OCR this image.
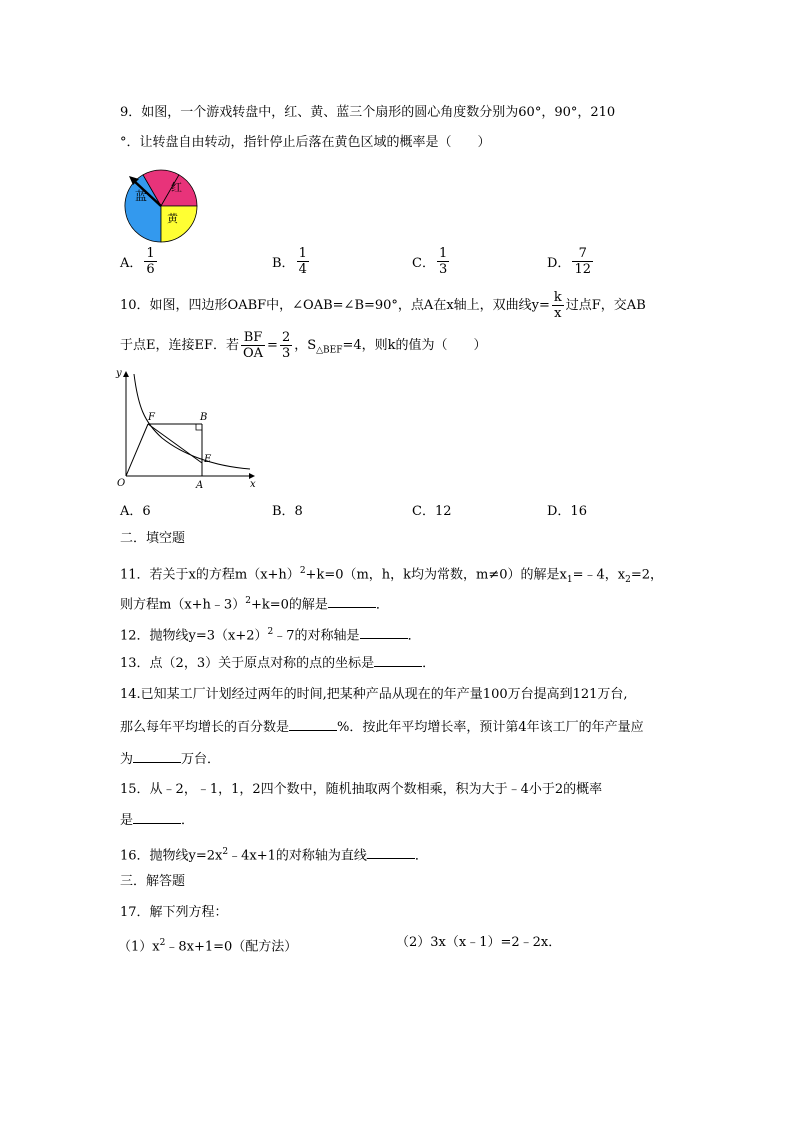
9．如图，一个游戏转盘中，红、黄、蓝三个扇形的圆心角度数分别为60°，90°，210
°．让转盘自由转动，指针停止后落在黄色区域的概率是（　　）
蓝
红
黄
A． $\frac{1}{6}$	B． $\frac{1}{4}$	C． $\frac{1}{3}$	D． $\frac{7}{12}$
10．如图，四边形OABF中，∠OAB=∠B=90°，点A在x轴上，双曲线$y= \frac{k}{x}$ 过点F，交AB
于点E，连接EF．若 $\frac{BF}{OA} = \frac{2}{3}$ ，$S_{\triangle BEF}=4$，则k的值为（　　）
y
x
O
F	B
E
A
A．6	B．8	C．12	D．16
二．填空题
11．若关于x的方程$m(x+h)^2+k=0(m$，h，k均为常数，m≠0）的解是$x_1=﹣4$，$x_2=2$，
则方程m（x+h﹣3）$^2$+k=0的解是	．
12．抛物线$y=3(x+2)^2﹣7$的对称轴是	．
13．点（2，3）关于原点对称的点的坐标是	．
14.已知某工厂计划经过两年的时间,把某种产品从现在的年产量100万台提高到121万台,
那么每年平均增长的百分数是	%．按此年平均增长率，预计第4年该工厂的年产量应
为	万台．
15．从﹣2，﹣1，1，2四个数中，随机抽取两个数相乘，积为大于﹣4小于2的概率
是	．
16．抛物线$y=2x^2﹣4x+1$的对称轴为直线	．
三．解答题
17．解下列方程：
$(1)x^2﹣8x+1=0$（配方法）	（2）3x（x﹣1）=2﹣2x．
